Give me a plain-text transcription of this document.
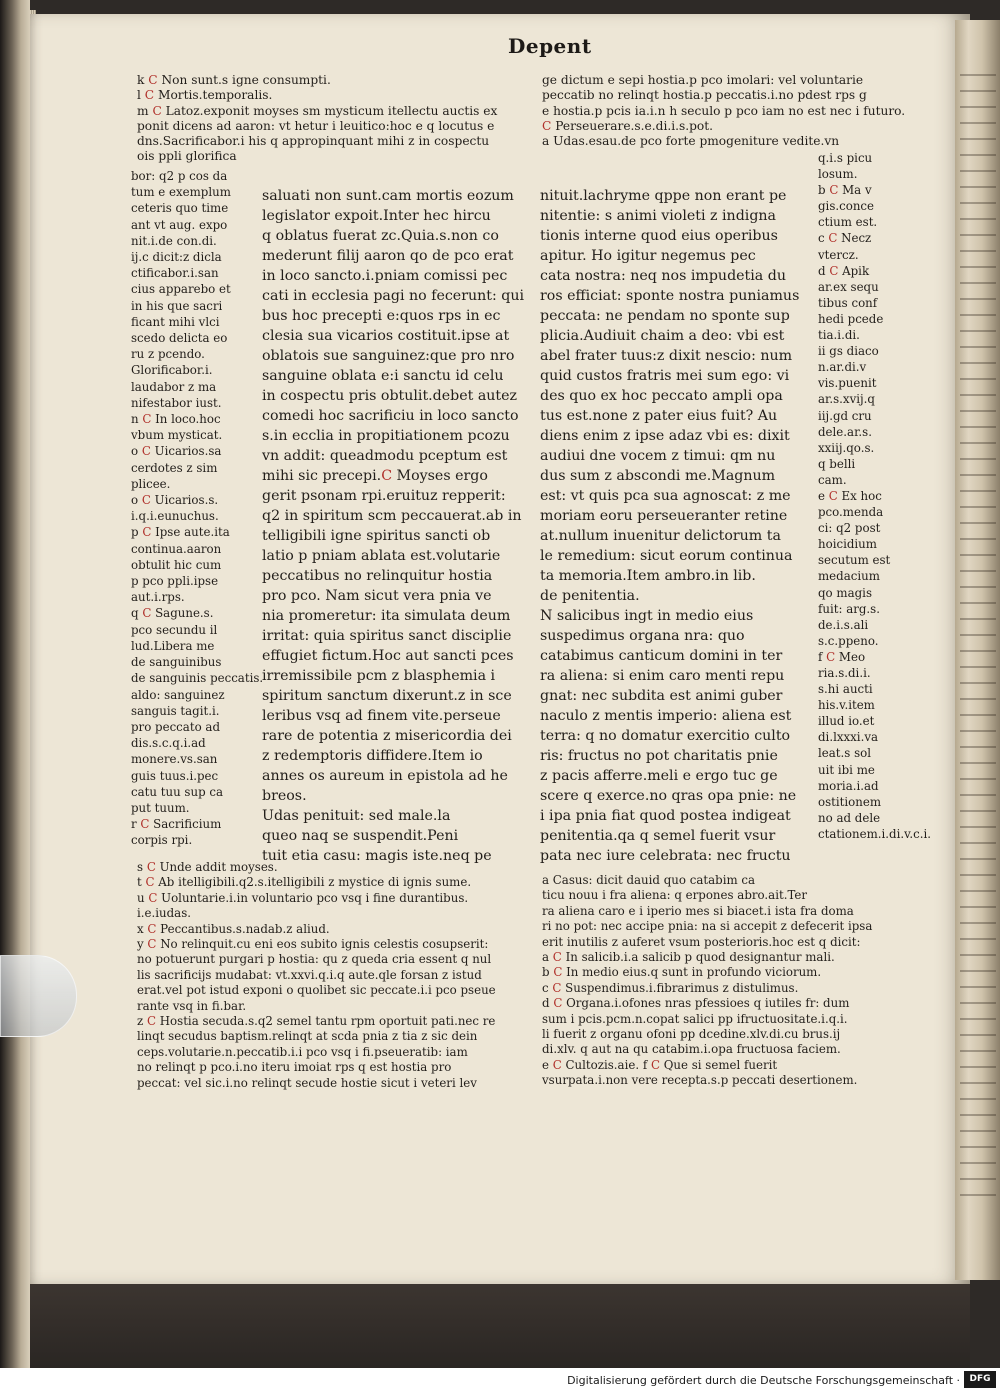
Depent
k C Non sunt.s igne consumpti.
l C Mortis.temporalis.
m C Latoz.exponit moyses sm mysticum itellectu auctis ex
ponit dicens ad aaron: vt hetur i leuitico:hoc e q locutus e
dns.Sacrificabor.i his q appropinquant mihi z in cospectu
ois ppli glorifica
ge dictum e sepi hostia.p pco imolari: vel voluntarie
peccatib no relinqt hostia.p peccatis.i.no pdest rps g
e hostia.p pcis ia.i.n h seculo p pco iam no est nec i futuro.
C Perseuerare.s.e.di.i.s.pot.
a Udas.esau.de pco forte pmogeniture vedite.vn
bor: q2 p cos da
tum e exemplum
ceteris quo time
ant vt aug. expo
nit.i.de con.di.
ij.c dicit:z dicla
ctificabor.i.san
cius apparebo et
in his que sacri
ficant mihi vlci
scedo delicta eo
ru z pcendo.
Glorificabor.i.
laudabor z ma
nifestabor iust.
n C In loco.hoc
vbum mysticat.
o C Uicarios.sa
cerdotes z sim
plicee.
o C Uicarios.s.
i.q.i.eunuchus.
p C Ipse aute.ita
continua.aaron
obtulit hic cum
p pco ppli.ipse
aut.i.rps.
q C Sagune.s.
pco secundu il
lud.Libera me
de sanguinibus
de sanguinis peccatis.
aldo: sanguinez
sanguis tagit.i.
pro peccato ad
dis.s.c.q.i.ad
monere.vs.san
guis tuus.i.pec
catu tuu sup ca
put tuum.
r C Sacrificium
corpis rpi.
saluati non sunt.cam mortis eozum
legislator expoit.Inter hec hircu
q oblatus fuerat zc.Quia.s.non co
mederunt filij aaron qo de pco erat
in loco sancto.i.pniam comissi pec
cati in ecclesia pagi no fecerunt: qui
bus hoc precepti e:quos rps in ec
clesia sua vicarios costituit.ipse at
oblatois sue sanguinez:que pro nro
sanguine oblata e:i sanctu id celu
in cospectu pris obtulit.debet autez
comedi hoc sacrificiu in loco sancto
s.in ecclia in propitiationem pcozu
vn addit: queadmodu pceptum est
mihi sic precepi.C Moyses ergo
gerit psonam rpi.eruituz repperit:
q2 in spiritum scm peccauerat.ab in
telligibili igne spiritus sancti ob
latio p pniam ablata est.volutarie
peccatibus no relinquitur hostia
pro pco. Nam sicut vera pnia ve
nia promeretur: ita simulata deum
irritat: quia spiritus sanct disciplie
effugiet fictum.Hoc aut sancti pces
irremissibile pcm z blasphemia i
spiritum sanctum dixerunt.z in sce
leribus vsq ad finem vite.perseue
rare de potentia z misericordia dei
z redemptoris diffidere.Item io
annes os aureum in epistola ad he
breos.
Udas penituit: sed male.la
queo naq se suspendit.Peni
tuit etia casu: magis iste.neq pe
nituit.lachryme qppe non erant pe
nitentie: s animi violeti z indigna
tionis interne quod eius operibus
apitur. Ho igitur negemus pec
cata nostra: neq nos impudetia du
ros efficiat: sponte nostra puniamus
peccata: ne pendam no sponte sup
plicia.Audiuit chaim a deo: vbi est
abel frater tuus:z dixit nescio: num
quid custos fratris mei sum ego: vi
des quo ex hoc peccato ampli opa
tus est.none z pater eius fuit? Au
diens enim z ipse adaz vbi es: dixit
audiui dne vocem z timui: qm nu
dus sum z abscondi me.Magnum
est: vt quis pca sua agnoscat: z me
moriam eoru perseueranter retine
at.nullum inuenitur delictorum ta
le remedium: sicut eorum continua
ta memoria.Item ambro.in lib.
de penitentia.
N salicibus ingt in medio eius
suspedimus organa nra: quo
catabimus canticum domini in ter
ra aliena: si enim caro menti repu
gnat: nec subdita est animi guber
naculo z mentis imperio: aliena est
terra: q no domatur exercitio culto
ris: fructus no pot charitatis pnie
z pacis afferre.meli e ergo tuc ge
scere q exerce.no qras opa pnie: ne
i ipa pnia fiat quod postea indigeat
penitentia.qa q semel fuerit vsur
pata nec iure celebrata: nec fructu
q.i.s picu
losum.
b C Ma v
gis.conce
ctium est.
c C Necz
vtercz.
d C Apik
ar.ex sequ
tibus conf
hedi pcede
tia.i.di.
ii gs diaco
n.ar.di.v
vis.puenit
ar.s.xvij.q
iij.gd cru
dele.ar.s.
xxiij.qo.s.
q belli
cam.
e C Ex hoc
pco.menda
ci: q2 post
hoicidium
secutum est
medacium
qo magis
fuit: arg.s.
de.i.s.ali
s.c.ppeno.
f C Meo
ria.s.di.i.
s.hi aucti
his.v.item
illud io.et
di.lxxxi.va
leat.s sol
uit ibi me
moria.i.ad
ostitionem
no ad dele
ctationem.i.di.v.c.i.
s C Unde addit moyses.
t C Ab itelligibili.q2.s.itelligibili z mystice di ignis sume.
u C Uoluntarie.i.in voluntario pco vsq i fine durantibus.
i.e.iudas.
x C Peccantibus.s.nadab.z aliud.
y C No relinquit.cu eni eos subito ignis celestis cosupserit:
no potuerunt purgari p hostia: qu z queda cria essent q nul
lis sacrificijs mudabat: vt.xxvi.q.i.q aute.qle forsan z istud
erat.vel pot istud exponi o quolibet sic peccate.i.i pco pseue
rante vsq in fi.bar.
z C Hostia secuda.s.q2 semel tantu rpm oportuit pati.nec re
linqt secudus baptism.relinqt at scda pnia z tia z sic dein
ceps.volutarie.n.peccatib.i.i pco vsq i fi.pseueratib: iam
no relinqt p pco.i.no iteru imoiat rps q est hostia pro
peccat: vel sic.i.no relinqt secude hostie sicut i veteri lev
a Casus: dicit dauid quo catabim ca
ticu nouu i fra aliena: q erpones abro.ait.Ter
ra aliena caro e i iperio mes si biacet.i ista fra doma
ri no pot: nec accipe pnia: na si accepit z defecerit ipsa
erit inutilis z auferet vsum posterioris.hoc est q dicit:
a C In salicib.i.a salicib p quod designantur mali.
b C In medio eius.q sunt in profundo viciorum.
c C Suspendimus.i.fibrarimus z distulimus.
d C Organa.i.ofones nras pfessioes q iutiles fr: dum
sum i pcis.pcm.n.copat salici pp ifructuositate.i.q.i.
li fuerit z organu ofoni pp dcedine.xlv.di.cu brus.ij
di.xlv. q aut na qu catabim.i.opa fructuosa faciem.
e C Cultozis.aie. f C Que si semel fuerit
vsurpata.i.non vere recepta.s.p peccati desertionem.
Digitalisierung gefördert durch die Deutsche Forschungsgemeinschaft ·	DFG
